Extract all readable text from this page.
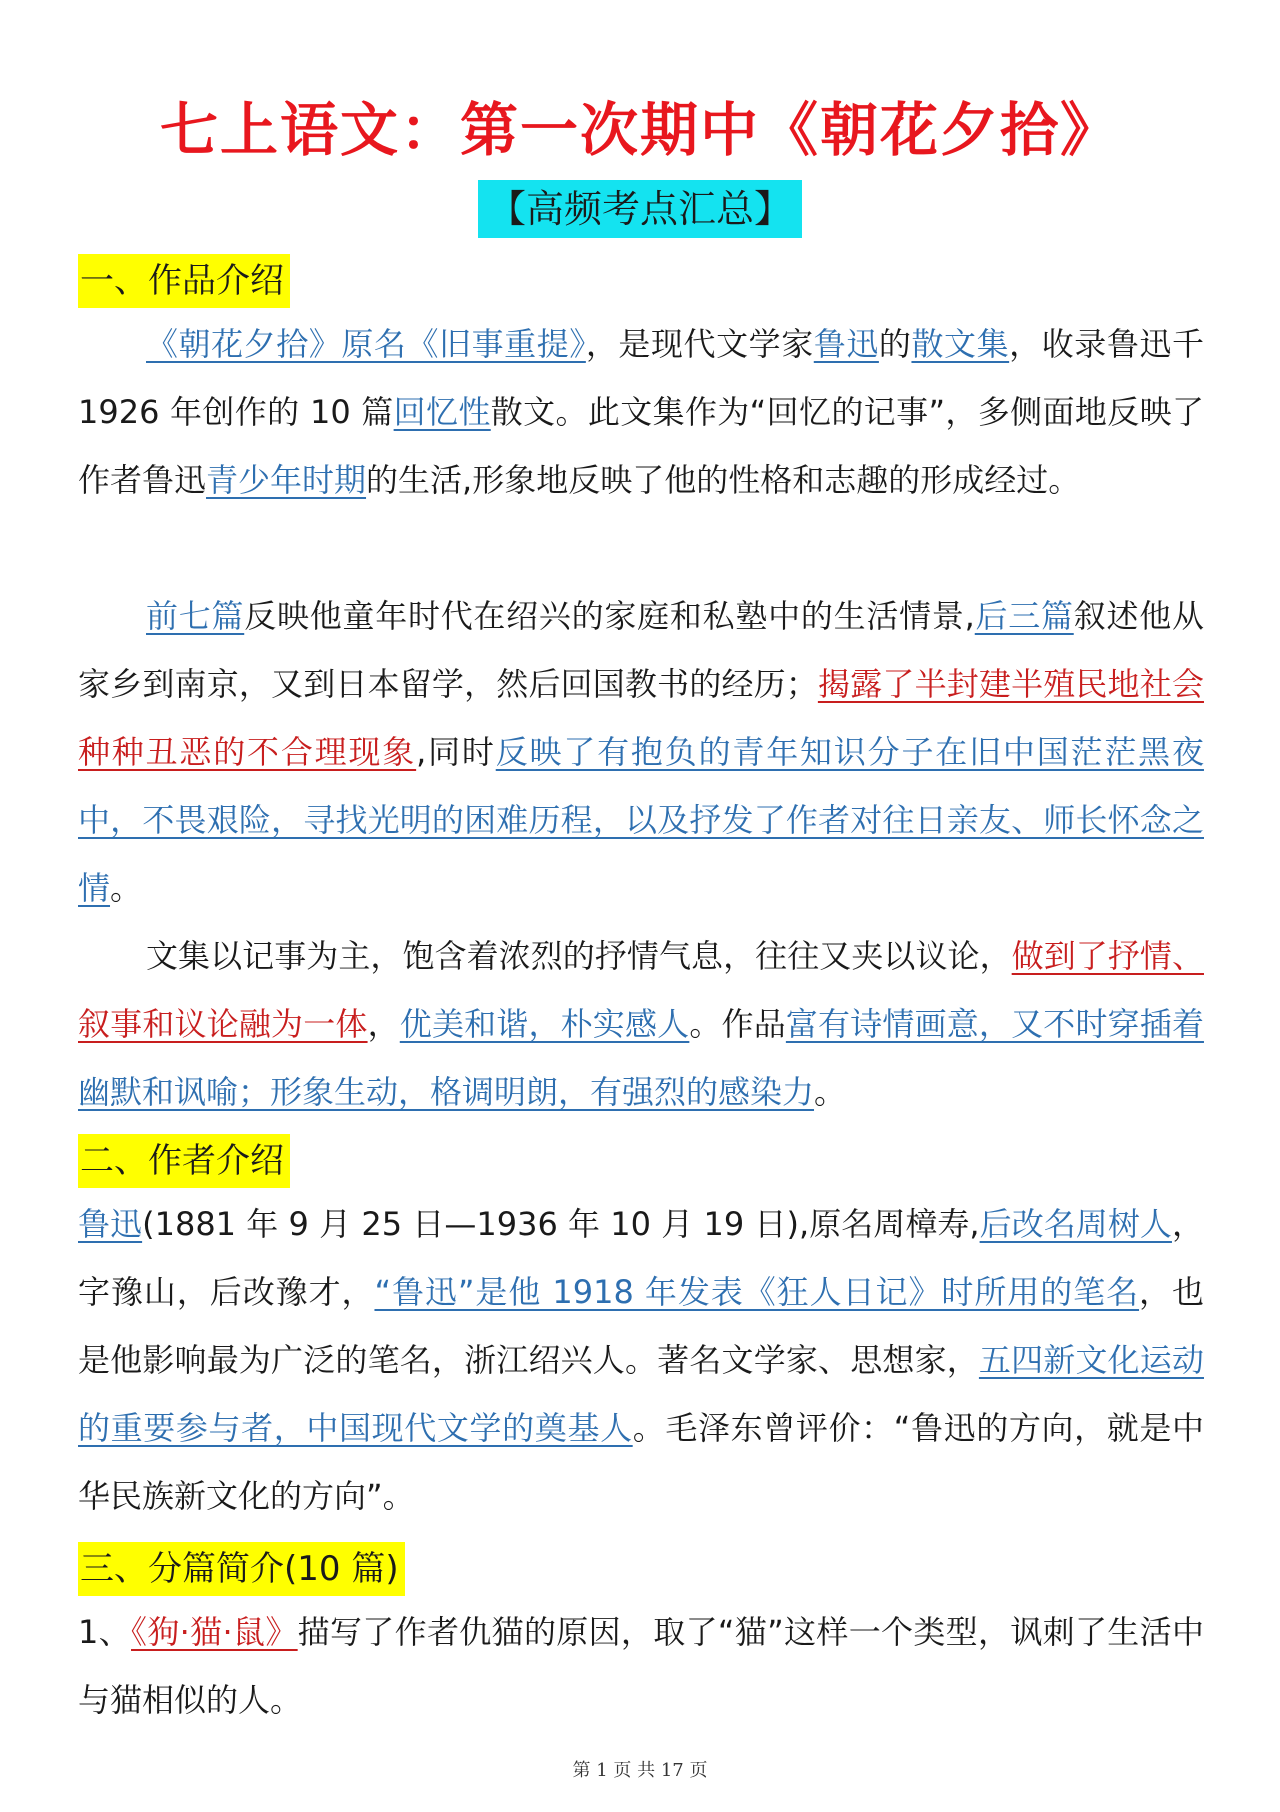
七上语文：第一次期中《朝花夕拾》
【高频考点汇总】
一、作品介绍
《朝花夕拾》原名《旧事重提》，是现代文学家鲁迅的散文集，收录鲁迅千 1926 年创作的 10 篇回忆性散文。此文集作为“回忆的记事”，多侧面地反映了作者鲁迅青少年时期的生活,形象地反映了他的性格和志趣的形成经过。
前七篇反映他童年时代在绍兴的家庭和私塾中的生活情景,后三篇叙述他从家乡到南京，又到日本留学，然后回国教书的经历；揭露了半封建半殖民地社会种种丑恶的不合理现象,同时反映了有抱负的青年知识分子在旧中国茫茫黑夜中，不畏艰险，寻找光明的困难历程，以及抒发了作者对往日亲友、师长怀念之情。
文集以记事为主，饱含着浓烈的抒情气息，往往又夹以议论，做到了抒情、叙事和议论融为一体，优美和谐，朴实感人。作品富有诗情画意，又不时穿插着幽默和讽喻；形象生动，格调明朗，有强烈的感染力。
二、作者介绍
鲁迅(1881 年 9 月 25 日—1936 年 10 月 19 日),原名周樟寿,后改名周树人，字豫山，后改豫才，“鲁迅”是他 1918 年发表《狂人日记》时所用的笔名，也是他影响最为广泛的笔名，浙江绍兴人。著名文学家、思想家，五四新文化运动的重要参与者，中国现代文学的奠基人。毛泽东曾评价：“鲁迅的方向，就是中华民族新文化的方向”。
三、分篇简介(10 篇)
1、《狗·猫·鼠》描写了作者仇猫的原因，取了“猫”这样一个类型，讽刺了生活中与猫相似的人。
第 1 页 共 17 页
